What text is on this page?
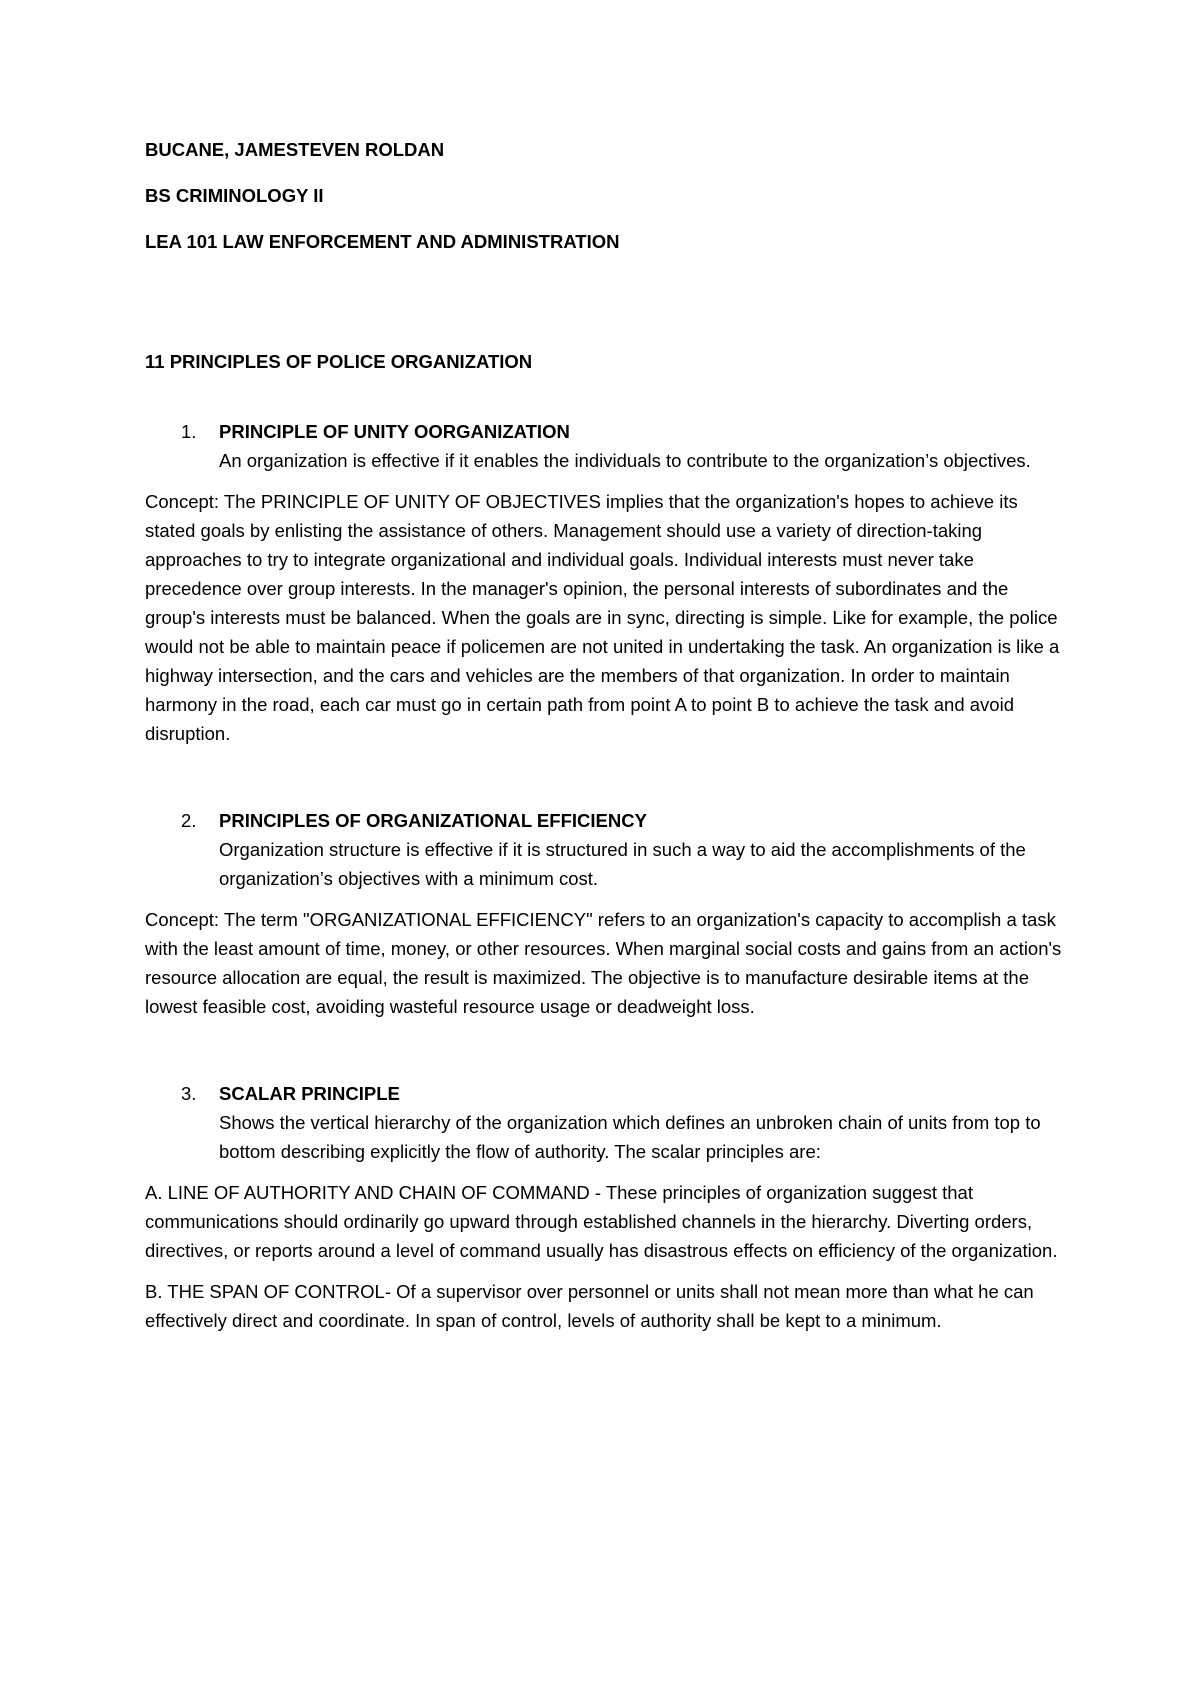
BUCANE, JAMESTEVEN ROLDAN
BS CRIMINOLOGY II
LEA 101 LAW ENFORCEMENT AND ADMINISTRATION
11 PRINCIPLES OF POLICE ORGANIZATION
1. PRINCIPLE OF UNITY OORGANIZATION
An organization is effective if it enables the individuals to contribute to the organization’s objectives.
Concept: The PRINCIPLE OF UNITY OF OBJECTIVES implies that the organization's hopes to achieve its stated goals by enlisting the assistance of others. Management should use a variety of direction-taking approaches to try to integrate organizational and individual goals. Individual interests must never take precedence over group interests. In the manager's opinion, the personal interests of subordinates and the group's interests must be balanced. When the goals are in sync, directing is simple. Like for example, the police would not be able to maintain peace if policemen are not united in undertaking the task. An organization is like a highway intersection, and the cars and vehicles are the members of that organization. In order to maintain harmony in the road, each car must go in certain path from point A to point B to achieve the task and avoid disruption.
2. PRINCIPLES OF ORGANIZATIONAL EFFICIENCY
Organization structure is effective if it is structured in such a way to aid the accomplishments of the organization’s objectives with a minimum cost.
Concept: The term "ORGANIZATIONAL EFFICIENCY" refers to an organization's capacity to accomplish a task with the least amount of time, money, or other resources. When marginal social costs and gains from an action's resource allocation are equal, the result is maximized. The objective is to manufacture desirable items at the lowest feasible cost, avoiding wasteful resource usage or deadweight loss.
3. SCALAR PRINCIPLE
Shows the vertical hierarchy of the organization which defines an unbroken chain of units from top to bottom describing explicitly the flow of authority. The scalar principles are:
A. LINE OF AUTHORITY AND CHAIN OF COMMAND - These principles of organization suggest that communications should ordinarily go upward through established channels in the hierarchy. Diverting orders, directives, or reports around a level of command usually has disastrous effects on efficiency of the organization.
B. THE SPAN OF CONTROL- Of a supervisor over personnel or units shall not mean more than what he can effectively direct and coordinate. In span of control, levels of authority shall be kept to a minimum.
